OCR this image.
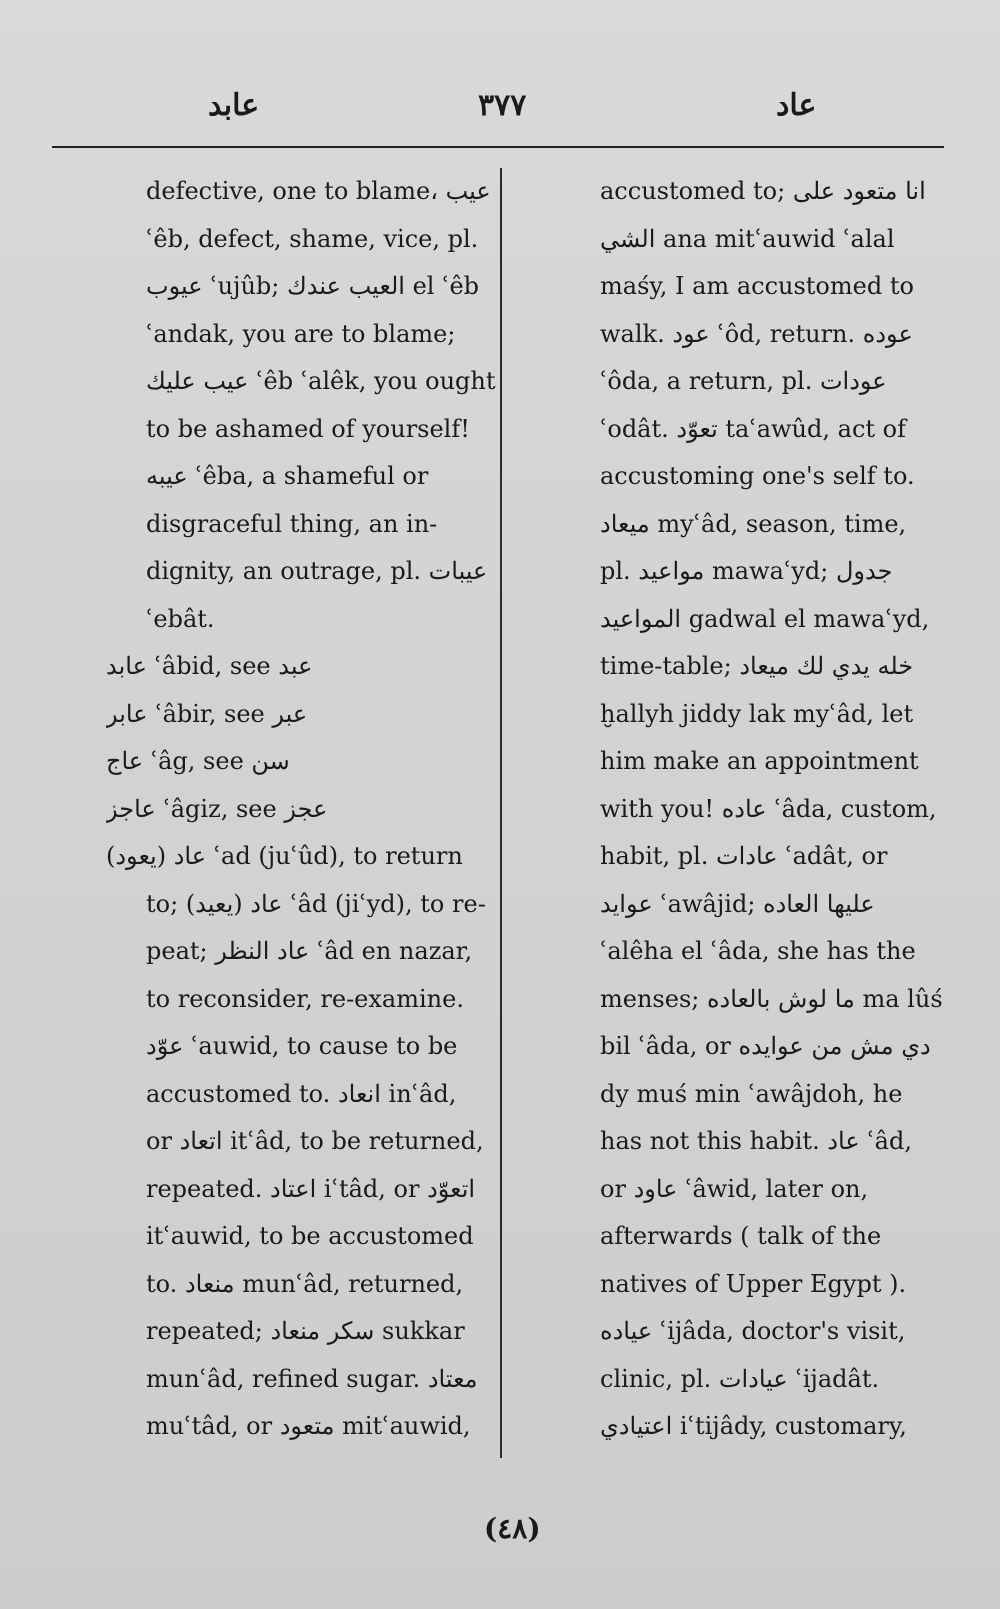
عابد	٣٧٧	عاد
defective, one to blame، عيب
ʿêb, defect, shame, vice, pl.
عيوب ʿujûb; العيب عندك el ʿêb
ʿandak, you are to blame;
عيب عليك ʿêb ʿalêk, you ought
to be ashamed of yourself!
عيبه ʿêba, a shameful or
disgraceful thing, an in-
dignity, an outrage, pl. عيبات
ʿebât.
عابد ʿâbid, see عبد
عابر ʿâbir, see عبر
عاج ʿâg, see سن
عاجز ʿâgiz, see عجز
عاد (يعود) ʿad (juʿûd), to return
to; عاد (يعيد) ʿâd (jiʿyd), to re-
peat; عاد النظر ʿâd en nazar,
to reconsider, re-examine.
عوّد ʿauwid, to cause to be
accustomed to. انعاد inʿâd,
or اتعاد itʿâd, to be returned,
repeated. اعتاد iʿtâd, or اتعوّد
itʿauwid, to be accustomed
to. منعاد munʿâd, returned,
repeated; سكر منعاد sukkar
munʿâd, refined sugar. معتاد
muʿtâd, or متعود mitʿauwid,
accustomed to; انا متعود على
الشي ana mitʿauwid ʿalal
maśy, I am accustomed to
walk. عود ʿôd, return. عوده
ʿôda, a return, pl. عودات
ʿodât. تعوّد taʿawûd, act of
accustoming one's self to.
ميعاد myʿâd, season, time,
pl. مواعيد mawaʿyd; جدول
المواعيد gadwal el mawaʿyd,
time-table; خله يدي لك ميعاد
ḫallyh jiddy lak myʿâd, let
him make an appointment
with you! عاده ʿâda, custom,
habit, pl. عادات ʿadât, or
عوايد ʿawâjid; عليها العاده
ʿalêha el ʿâda, she has the
menses; ما لوش بالعاده ma lûś
bil ʿâda, or دي مش من عوايده
dy muś min ʿawâjdoh, he
has not this habit. عاد ʿâd,
or عاود ʿâwid, later on,
afterwards ( talk of the
natives of Upper Egypt ).
عياده ʿijâda, doctor's visit,
clinic, pl. عيادات ʿijadât.
اعتيادي iʿtijâdy, customary,
(٤٨)
